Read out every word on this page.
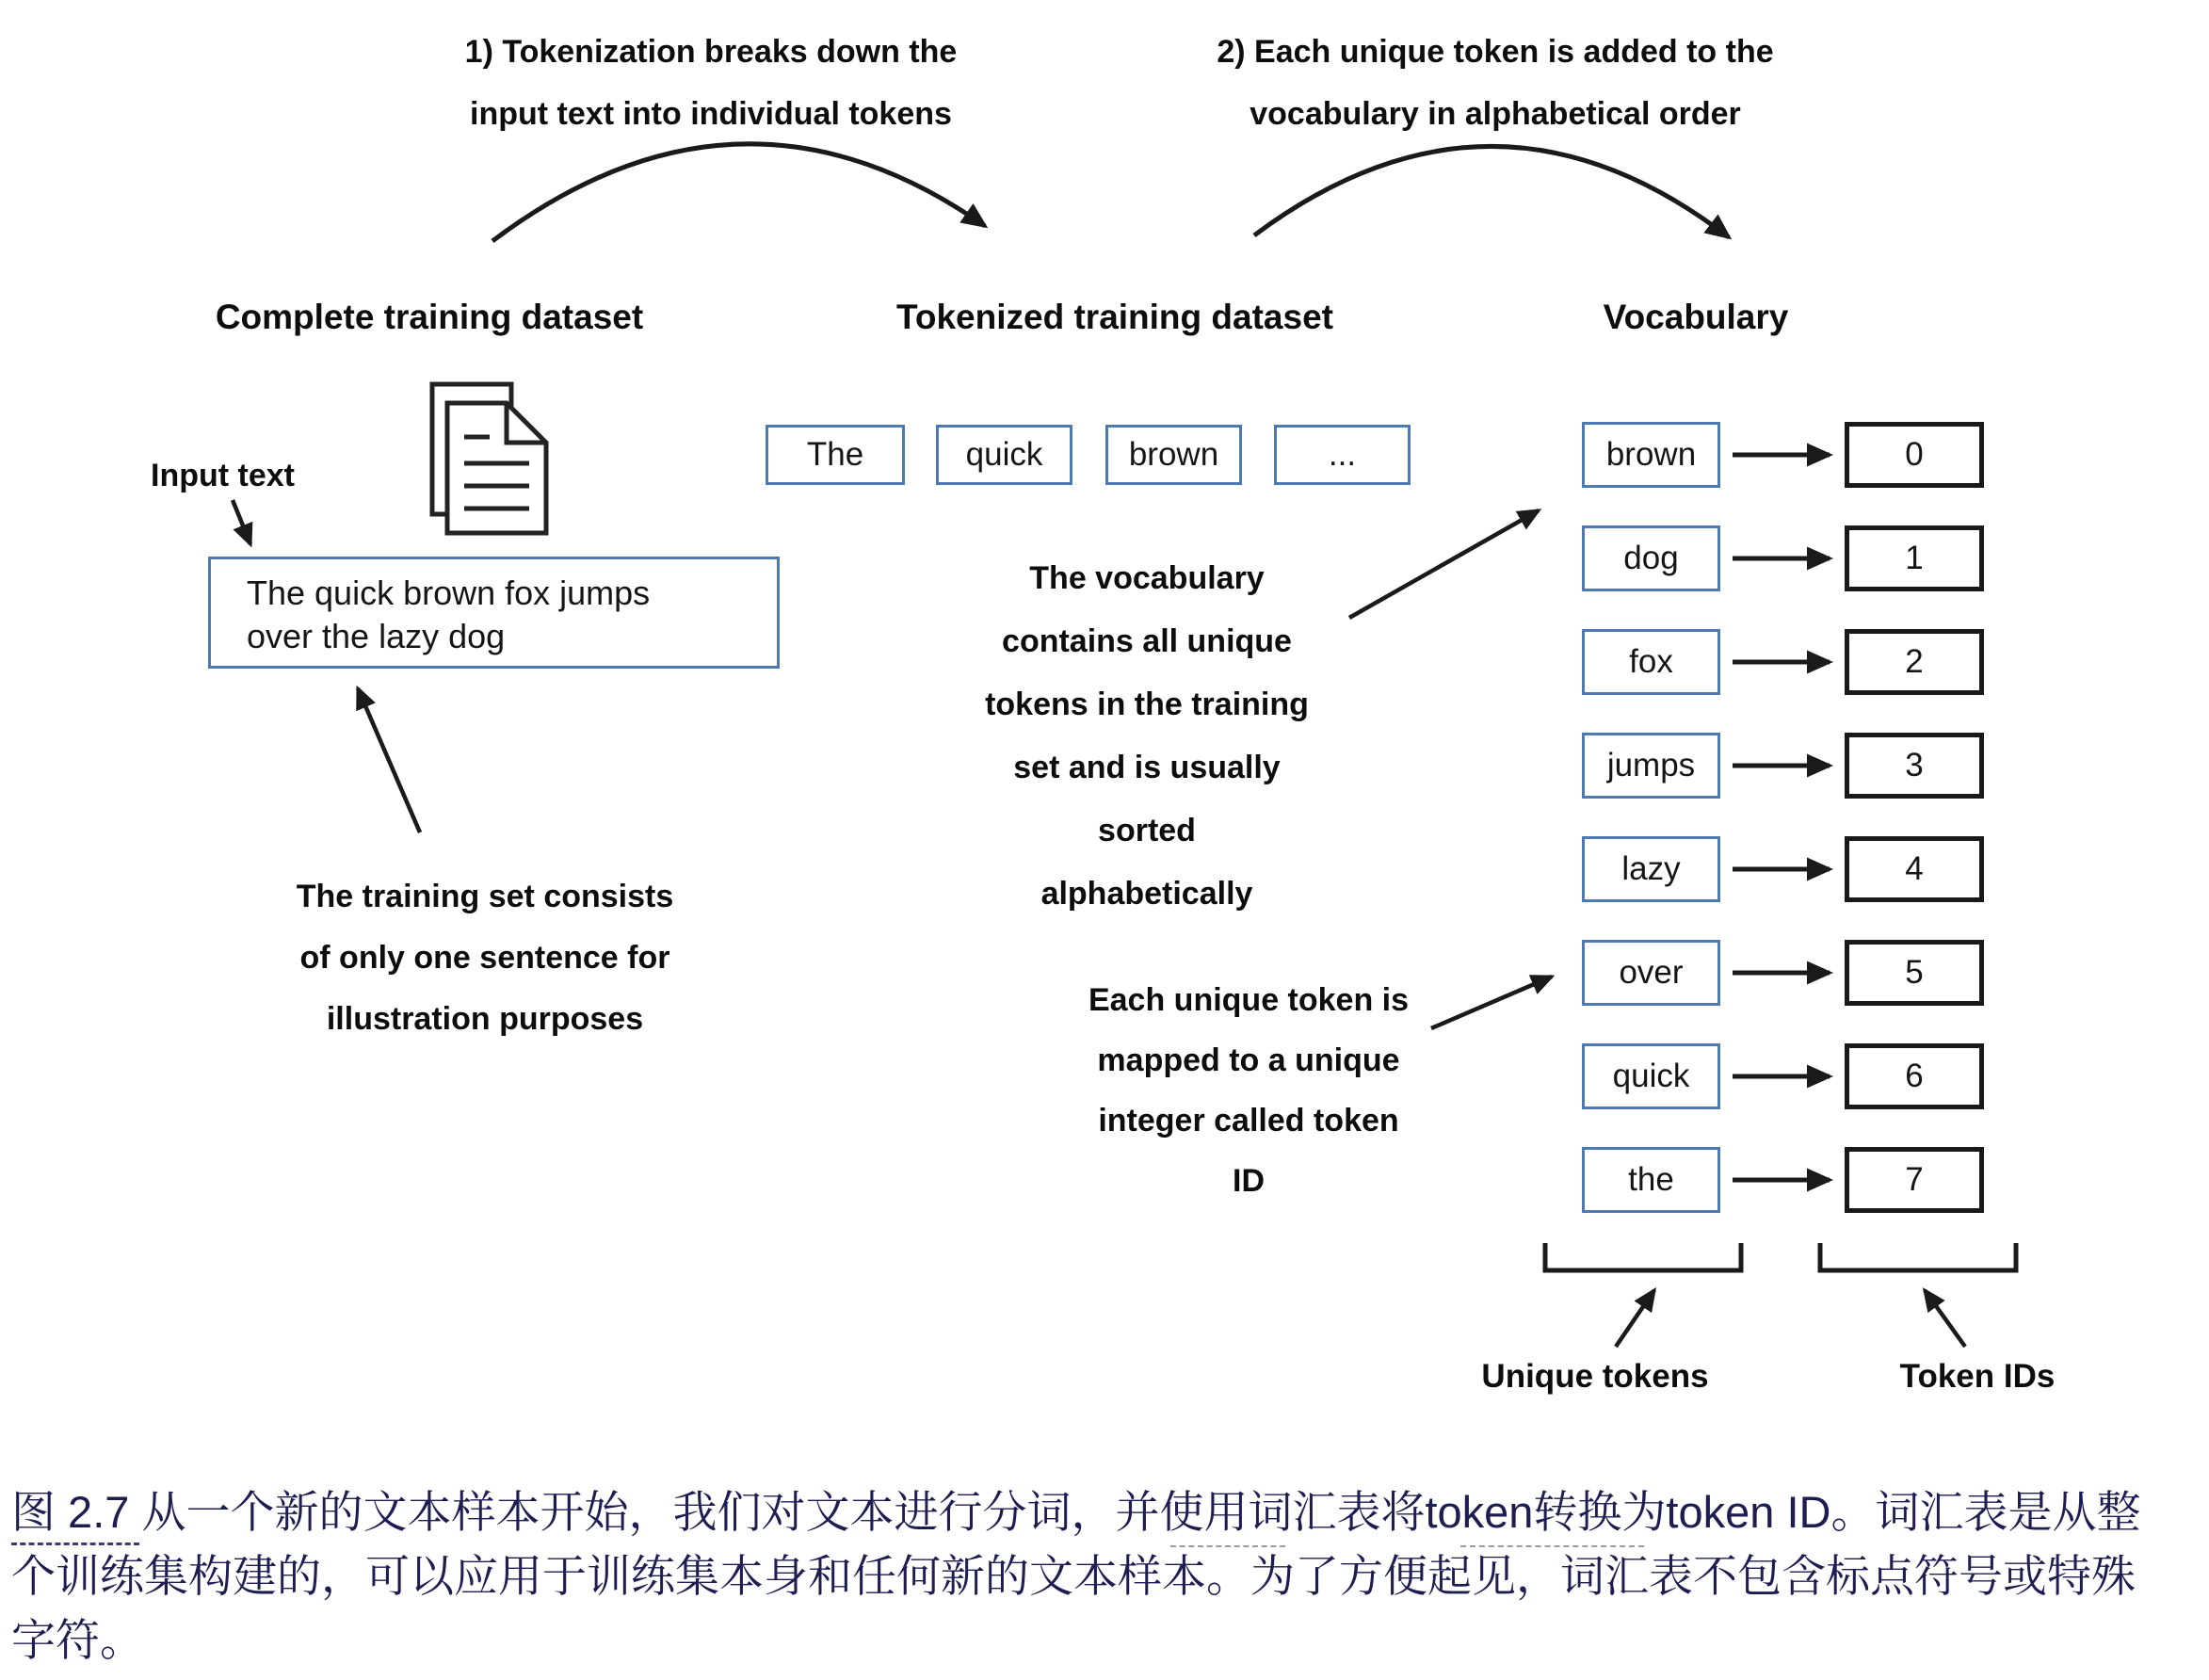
1) Tokenization breaks down the
input text into individual tokens
2) Each unique token is added to the
vocabulary in alphabetical order
Complete training dataset	Tokenized training dataset	Vocabulary
Input text
The quick brown fox jumps
over the lazy dog
The training set consists
of only one sentence for
illustration purposes
The	quick	brown	...
The vocabulary
contains all unique
tokens in the training
set and is usually
sorted
alphabetically
Each unique token is
mapped to a unique
integer called token
ID
brown	0
dog	1
fox	2
jumps	3
lazy	4
over	5
quick	6
the	7
Unique tokens	Token IDs
图 2.7 从一个新的文本样本开始，我们对文本进行分词，并使用词汇表将token转换为token ID。词汇表是从整
个训练集构建的，可以应用于训练集本身和任何新的文本样本。为了方便起见，词汇表不包含标点符号或特殊
字符。
